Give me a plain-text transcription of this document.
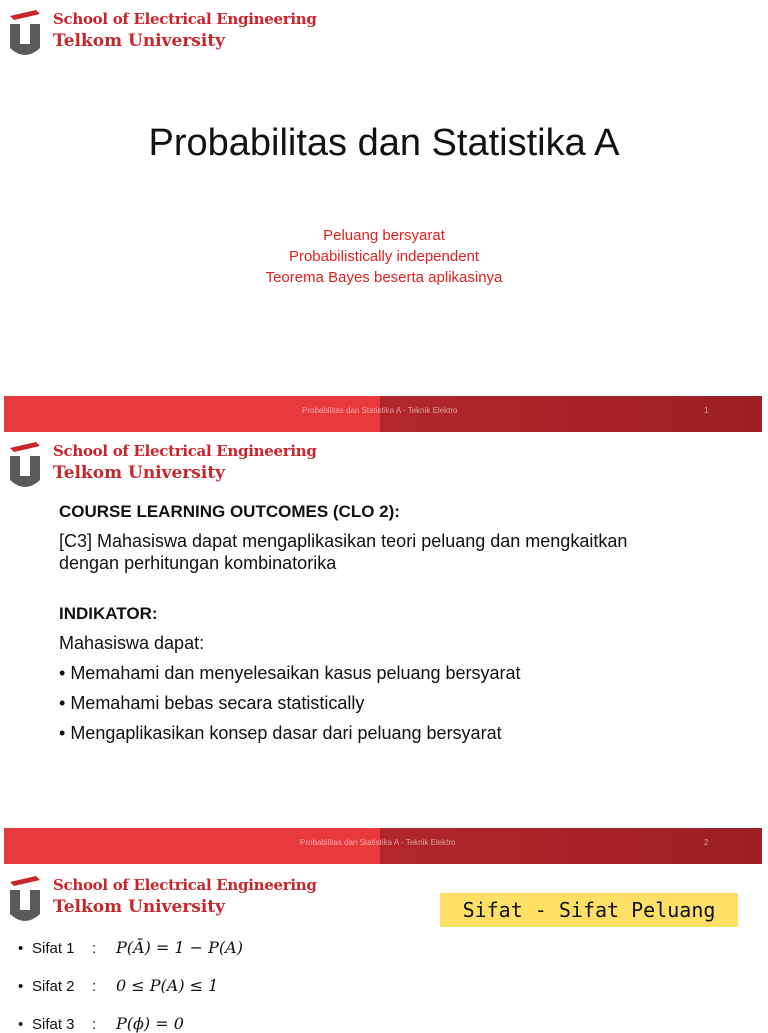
School of Electrical Engineering
Telkom University
Probabilitas dan Statistika A
Peluang bersyarat
Probabilistically independent
Teorema Bayes beserta aplikasinya
Probabilitas dan Statistika A - Teknik Elektro	1
School of Electrical Engineering
Telkom University
COURSE LEARNING OUTCOMES (CLO 2):
[C3] Mahasiswa dapat mengaplikasikan teori peluang dan mengkaitkan
dengan perhitungan kombinatorika
INDIKATOR:
Mahasiswa dapat:
• Memahami dan menyelesaikan kasus peluang bersyarat
• Memahami bebas secara statistically
• Mengaplikasikan konsep dasar dari peluang bersyarat
Probabilitas dan Statistika A - Teknik Elektro	2
School of Electrical Engineering
Telkom University	Sifat - Sifat Peluang
• Sifat 1 : P(Ā) = 1 − P(A)
• Sifat 2 : 0 ≤ P(A) ≤ 1
• Sifat 3 : P(ϕ) = 0
